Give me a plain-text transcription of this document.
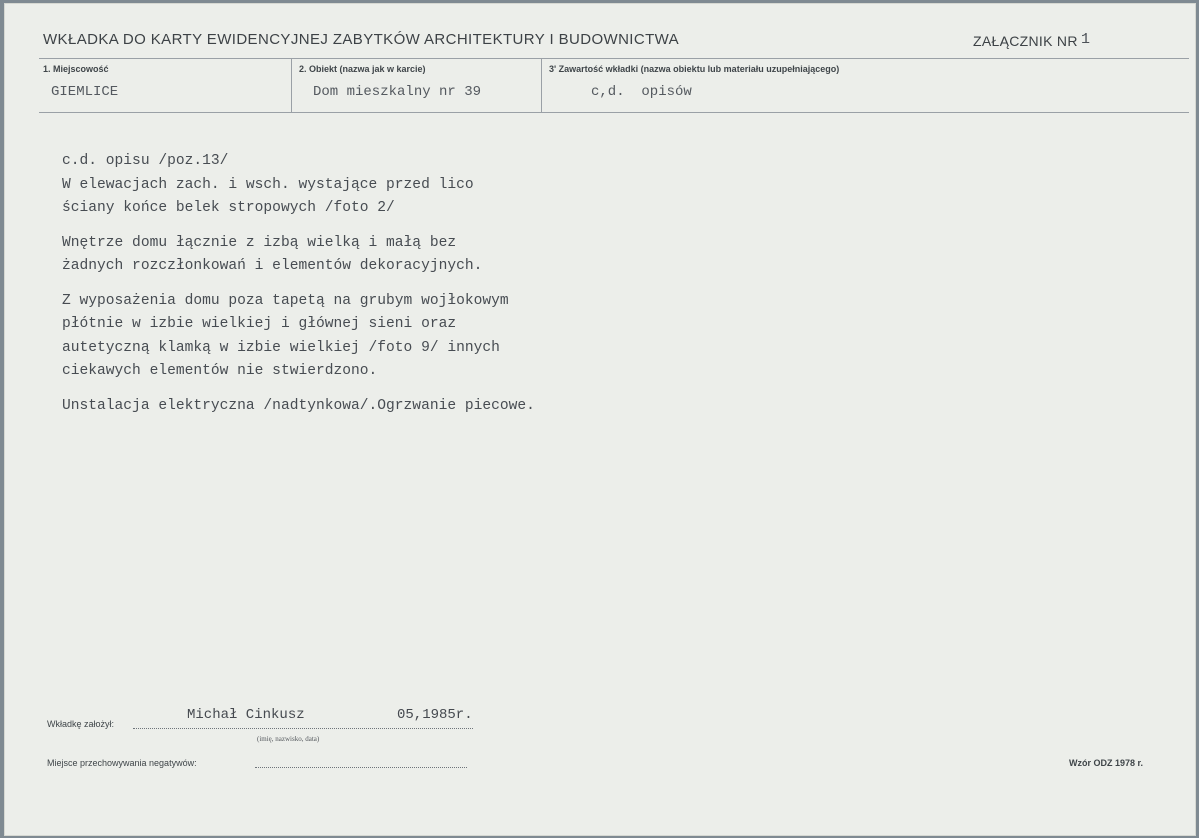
WKŁADKA DO KARTY EWIDENCYJNEJ ZABYTKÓW ARCHITEKTURY I BUDOWNICTWA	ZAŁĄCZNIK NR 1
1. Miejscowość
GIEMLICE
2. Obiekt (nazwa jak w karcie)
Dom mieszkalny nr 39
3' Zawartość wkładki (nazwa obiektu lub materiału uzupełniającego)
c,d.  opisów
c.d. opisu /poz.13/
W elewacjach zach. i wsch. wystające przed lico
ściany końce belek stropowych /foto 2/
Wnętrze domu łącznie z izbą wielką i małą bez
żadnych rozczłonkowań i elementów dekoracyjnych.
Z wyposażenia domu poza tapetą na grubym wojłokowym
płótnie w izbie wielkiej i głównej sieni oraz
autetyczną klamką w izbie wielkiej /foto 9/ innych
ciekawych elementów nie stwierdzono.
Unstalacja elektryczna /nadtynkowa/.Ogrzwanie piecowe.
Wkładkę założył:
Michał Cinkusz	05,1985r.
(imię, nazwisko, data)
Miejsce przechowywania negatywów:	Wzór ODZ 1978 r.
